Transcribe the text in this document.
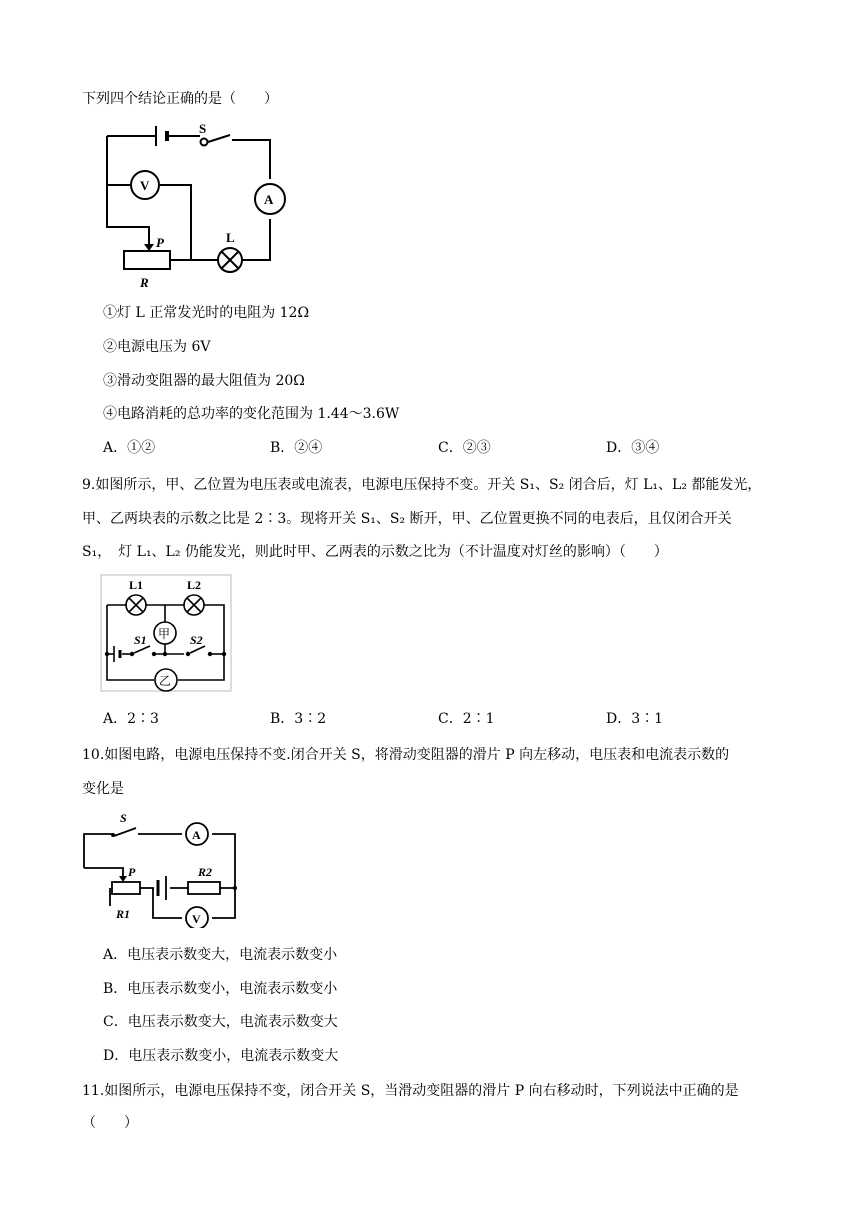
下列四个结论正确的是（　　）
S
V
A
L
P
R
①灯 L 正常发光时的电阻为 12Ω
②电源电压为 6V
③滑动变阻器的最大阻值为 20Ω
④电路消耗的总功率的变化范围为 1.44～3.6W
A．①②	B．②④	C．②③	D．③④
9.如图所示，甲、乙位置为电压表或电流表，电源电压保持不变。开关 S₁、S₂ 闭合后，灯 L₁、L₂ 都能发光，
甲、乙两块表的示数之比是 2∶3。现将开关 S₁、S₂ 断开，甲、乙位置更换不同的电表后，且仅闭合开关
S₁，　灯 L₁、L₂ 仍能发光，则此时甲、乙两表的示数之比为（不计温度对灯丝的影响）（　　）
L1	L2
甲
S1	S2
乙
A．2∶3	B．3∶2	C．2∶1	D．3∶1
10.如图电路，电源电压保持不变.闭合开关 S，将滑动变阻器的滑片 P 向左移动，电压表和电流表示数的
变化是
S
A
P
R1
R2
V
A．电压表示数变大，电流表示数变小
B．电压表示数变小，电流表示数变小
C．电压表示数变大，电流表示数变大
D．电压表示数变小，电流表示数变大
11.如图所示，电源电压保持不变，闭合开关 S，当滑动变阻器的滑片 P 向右移动时，下列说法中正确的是
（　　）
